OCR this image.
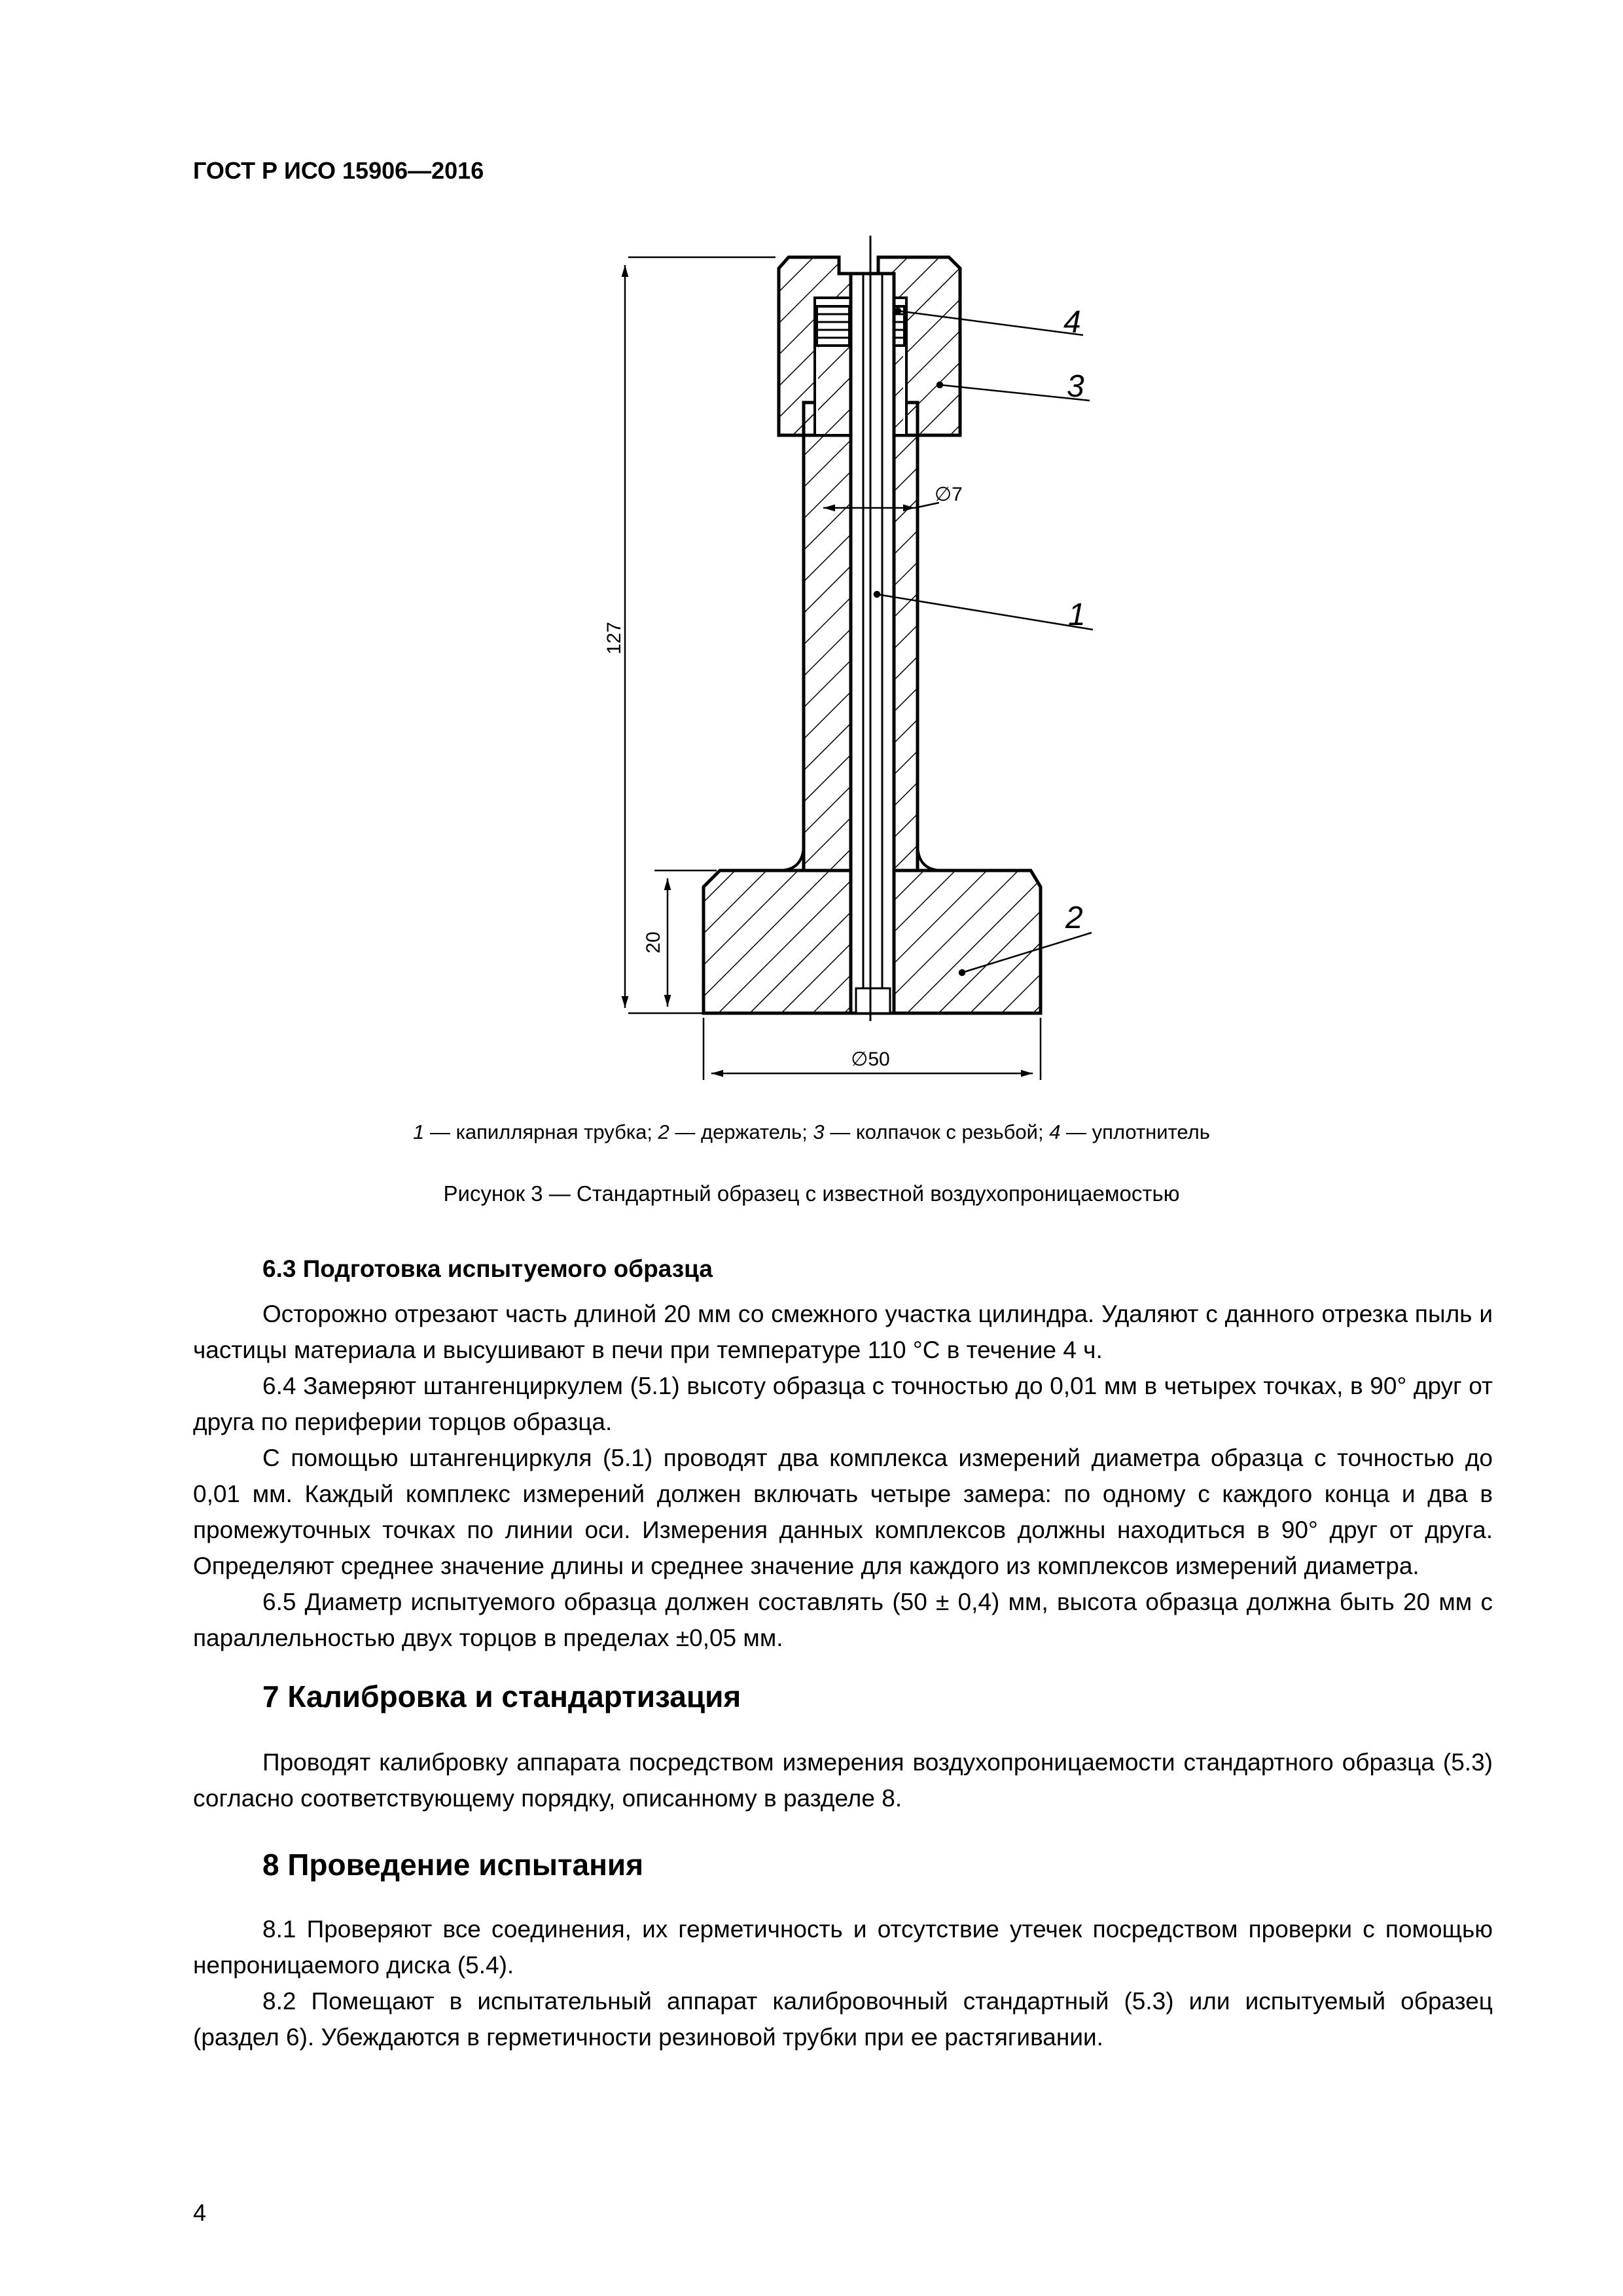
ГОСТ Р ИСО 15906—2016
127
20
∅50
∅7
4
3
1
2
1 — капиллярная трубка; 2 — держатель; 3 — колпачок с резьбой; 4 — уплотнитель
Рисунок 3 — Стандартный образец с известной воздухопроницаемостью
6.3 Подготовка испытуемого образца

Осторожно отрезают часть длиной 20 мм со смежного участка цилиндра. Удаляют с данного отрезка пыль и частицы материала и высушивают в печи при температуре 110 °С в течение 4 ч.

6.4 Замеряют штангенциркулем (5.1) высоту образца с точностью до 0,01 мм в четырех точках, в 90° друг от друга по периферии торцов образца.

С помощью штангенциркуля (5.1) проводят два комплекса измерений диаметра образца с точностью до 0,01 мм. Каждый комплекс измерений должен включать четыре замера: по одному с каждого конца и два в промежуточных точках по линии оси. Измерения данных комплексов должны находиться в 90° друг от друга. Определяют среднее значение длины и среднее значение для каждого из комплексов измерений диаметра.

6.5 Диаметр испытуемого образца должен составлять (50 ± 0,4) мм, высота образца должна быть 20 мм с параллельностью двух торцов в пределах ±0,05 мм.

7 Калибровка и стандартизация

Проводят калибровку аппарата посредством измерения воздухопроницаемости стандартного образца (5.3) согласно соответствующему порядку, описанному в разделе 8.

8 Проведение испытания

8.1 Проверяют все соединения, их герметичность и отсутствие утечек посредством проверки с помощью непроницаемого диска (5.4).

8.2 Помещают в испытательный аппарат калибровочный стандартный (5.3) или испытуемый образец (раздел 6). Убеждаются в герметичности резиновой трубки при ее растягивании.

4
